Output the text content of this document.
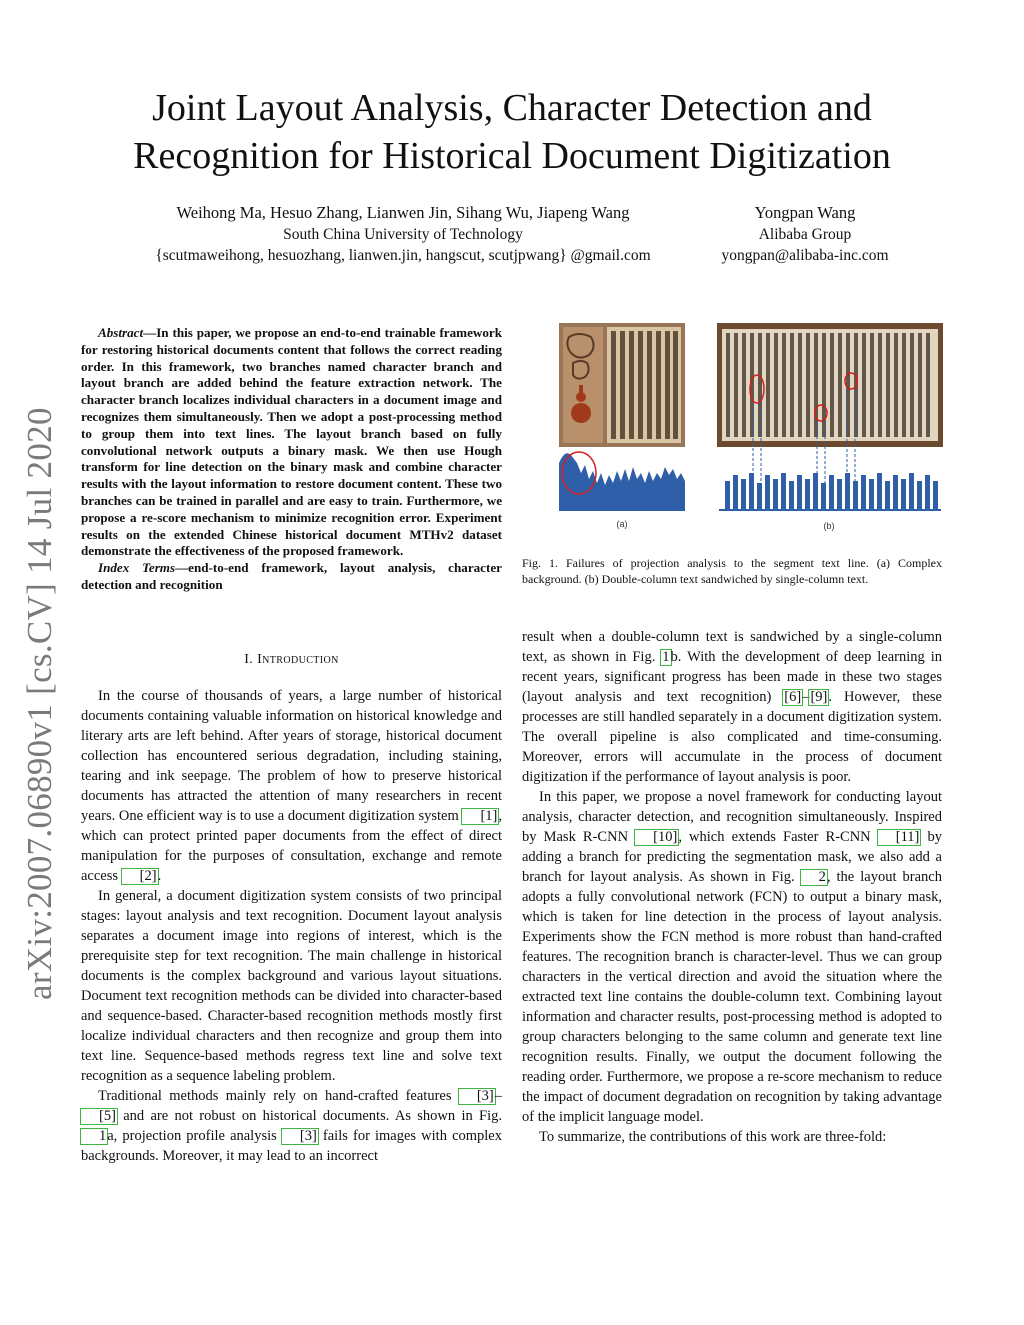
Joint Layout Analysis, Character Detection and
Recognition for Historical Document Digitization
Weihong Ma, Hesuo Zhang, Lianwen Jin, Sihang Wu, Jiapeng Wang
South China University of Technology
{scutmaweihong, hesuozhang, lianwen.jin, hangscut, scutjpwang} @gmail.com
Yongpan Wang
Alibaba Group
yongpan@alibaba-inc.com
arXiv:2007.06890v1 [cs.CV] 14 Jul 2020

Abstract—In this paper, we propose an end-to-end trainable framework for restoring historical documents content that follows the correct reading order. In this framework, two branches named character branch and layout branch are added behind the feature extraction network. The character branch localizes individual characters in a document image and recognizes them simultaneously. Then we adopt a post-processing method to group them into text lines. The layout branch based on fully convolutional network outputs a binary mask. We then use Hough transform for line detection on the binary mask and combine character results with the layout information to restore document content. These two branches can be trained in parallel and are easy to train. Furthermore, we propose a re-score mechanism to minimize recognition error. Experiment results on the extended Chinese historical document MTHv2 dataset demonstrate the effectiveness of the proposed framework.

Index Terms—end-to-end framework, layout analysis, character detection and recognition

I. Introduction

In the course of thousands of years, a large number of historical documents containing valuable information on historical knowledge and literary arts are left behind. After years of storage, historical document collection has encountered serious degradation, including staining, tearing and ink seepage. The problem of how to preserve historical documents has attracted the attention of many researchers in recent years. One efficient way is to use a document digitization system [1], which can protect printed paper documents from the effect of direct manipulation for the purposes of consultation, exchange and remote access [2].

In general, a document digitization system consists of two principal stages: layout analysis and text recognition. Document layout analysis separates a document image into regions of interest, which is the prerequisite step for text recognition. The main challenge in historical documents is the complex background and various layout situations. Document text recognition methods can be divided into character-based and sequence-based. Character-based recognition methods mostly first localize individual characters and then recognize and group them into text line. Sequence-based methods regress text line and solve text recognition as a sequence labeling problem.

Traditional methods mainly rely on hand-crafted features [3]–[5] and are not robust on historical documents. As shown in Fig. 1a, projection profile analysis [3] fails for images with complex backgrounds. Moreover, it may lead to an incorrect

(a)	(b)
Fig. 1. Failures of projection analysis to the segment text line. (a) Complex background. (b) Double-column text sandwiched by single-column text.

result when a double-column text is sandwiched by a single-column text, as shown in Fig. 1b. With the development of deep learning in recent years, significant progress has been made in these two stages (layout analysis and text recognition) [6]–[9]. However, these processes are still handled separately in a document digitization system. The overall pipeline is also complicated and time-consuming. Moreover, errors will accumulate in the process of document digitization if the performance of layout analysis is poor.

In this paper, we propose a novel framework for conducting layout analysis, character detection, and recognition simultaneously. Inspired by Mask R-CNN [10], which extends Faster R-CNN [11] by adding a branch for predicting the segmentation mask, we also add a branch for layout analysis. As shown in Fig. 2, the layout branch adopts a fully convolutional network (FCN) to output a binary mask, which is taken for line detection in the process of layout analysis. Experiments show the FCN method is more robust than hand-crafted features. The recognition branch is character-level. Thus we can group characters in the vertical direction and avoid the situation where the extracted text line contains the double-column text. Combining layout information and character results, post-processing method is adopted to group characters belonging to the same column and generate text line recognition results. Finally, we output the document following the reading order. Furthermore, we propose a re-score mechanism to reduce the impact of document degradation on recognition by taking advantage of the implicit language model.

To summarize, the contributions of this work are three-fold:
